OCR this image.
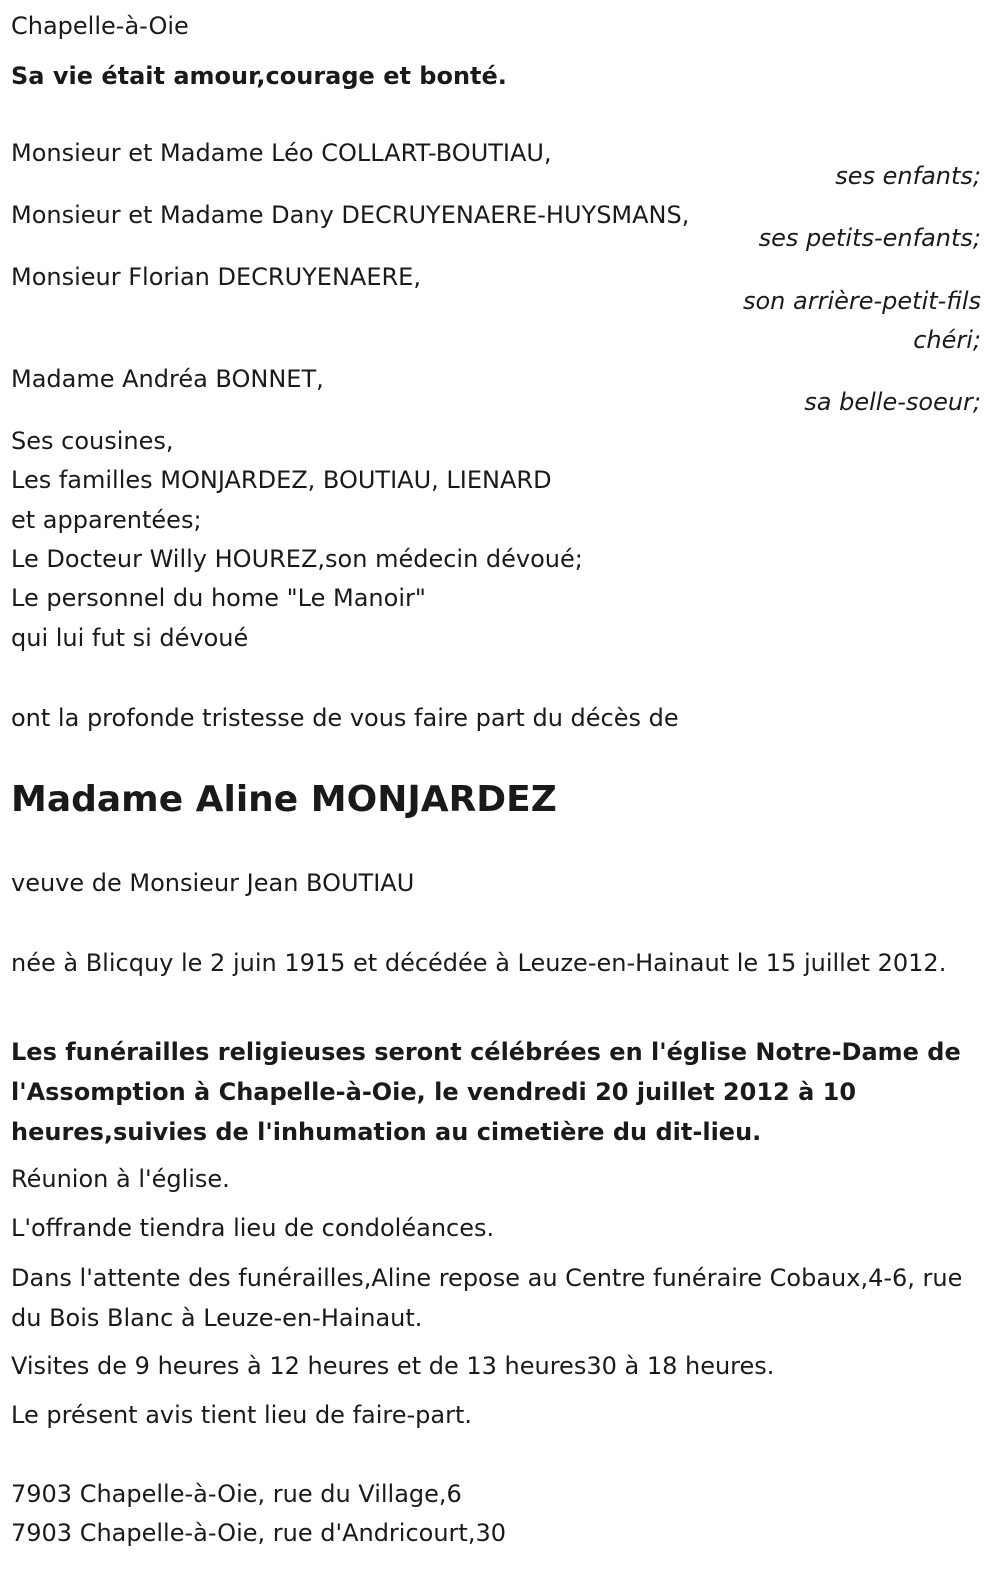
Chapelle-à-Oie
Sa vie était amour,courage et bonté.
Monsieur et Madame Léo COLLART-BOUTIAU,
ses enfants;
Monsieur et Madame Dany DECRUYENAERE-HUYSMANS,
ses petits-enfants;
Monsieur Florian DECRUYENAERE,
son arrière-petit-fils
chéri;
Madame Andréa BONNET,
sa belle-soeur;
Ses cousines,
Les familles MONJARDEZ, BOUTIAU, LIENARD
et apparentées;
Le Docteur Willy HOUREZ,son médecin dévoué;
Le personnel du home "Le Manoir"
qui lui fut si dévoué
ont la profonde tristesse de vous faire part du décès de
Madame Aline MONJARDEZ
veuve de Monsieur Jean BOUTIAU
née à Blicquy le 2 juin 1915 et décédée à Leuze-en-Hainaut le 15 juillet 2012.
Les funérailles religieuses seront célébrées en l'église Notre-Dame de l'Assomption à Chapelle-à-Oie, le vendredi 20 juillet 2012 à 10 heures,suivies de l'inhumation au cimetière du dit-lieu.
Réunion à l'église.
L'offrande tiendra lieu de condoléances.
Dans l'attente des funérailles,Aline repose au Centre funéraire Cobaux,4-6, rue du Bois Blanc à Leuze-en-Hainaut.
Visites de 9 heures à 12 heures et de 13 heures30 à 18 heures.
Le présent avis tient lieu de faire-part.
7903 Chapelle-à-Oie, rue du Village,6
7903 Chapelle-à-Oie, rue d'Andricourt,30
